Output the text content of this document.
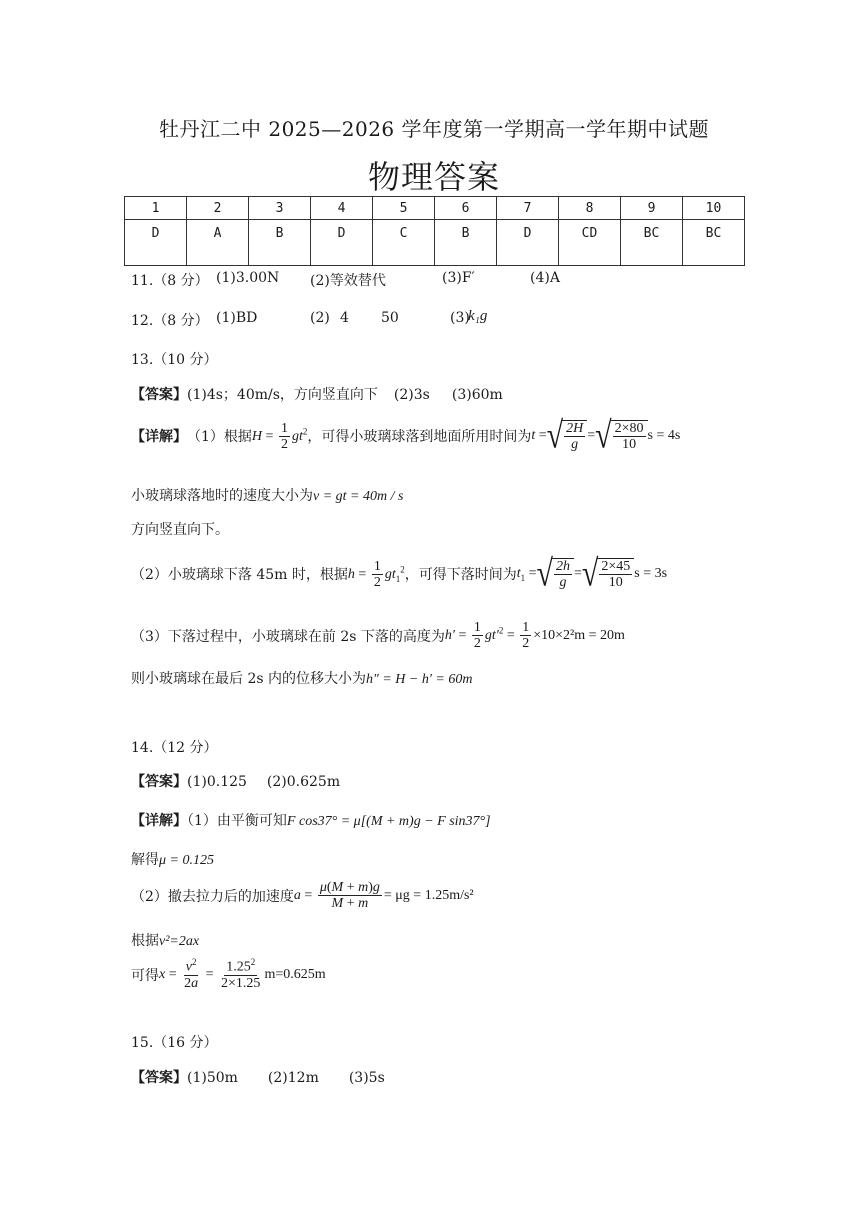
牡丹江二中 2025—2026 学年度第一学期高一学年期中试题
物理答案
1	2	3	4	5	6	7	8	9	10
D	A	B	D	C	B	D	CD	BC	BC
11.（8 分） (1)3.00N (2)等效替代	(3)F′	(4)A
12.（8 分） (1)BD	(2) 4 50	(3)
k₁g
13.（10 分）
【答案】(1)4s；40m/s，方向竖直向下 (2)3s (3)60m
【详解】 （1）根据 $H = \frac{1}{2} gt^2$ ，可得小玻璃球落到地面所用时间为 t = √ $\frac{2H}{g}$ = √ $\frac{2\times 80}{10}$ s = 4s
小玻璃球落地时的速度大小为v = gt = 40m / s
方向竖直向下。
（2）小玻璃球下落 45m 时，根据 $h = \frac{1}{2} gt_1^2$ ，可得下落时间为 $t_1$ = √ $\frac{2h}{g}$ = √ $\frac{2\times 45}{10}$ s = 3s
（3）下落过程中，小玻璃球在前 2s 下落的高度为 $h' = \frac{1}{2} gt'^2 = \frac{1}{2} \times 10\times 2^2m = 20m$
则小玻璃球在最后 2s 内的位移大小为h″ = H − h′ = 60m
14.（12 分）
【答案】(1)0.125 (2)0.625m
【详解】（1）由平衡可知F cos37° = μ[(M + m)g − F sin37°]
解得μ = 0.125
（2）撤去拉力后的加速度 $a = \frac{\mu(M + m)g}{M + m} = \mu g = 1.25m/s^2$
根据v²=2ax
可得 $x = \frac{v^2}{2a} = \frac{1.25^2}{2\times 1.25} m=0.625m$
15.（16 分）
【答案】(1)50m (2)12m (3)5s
